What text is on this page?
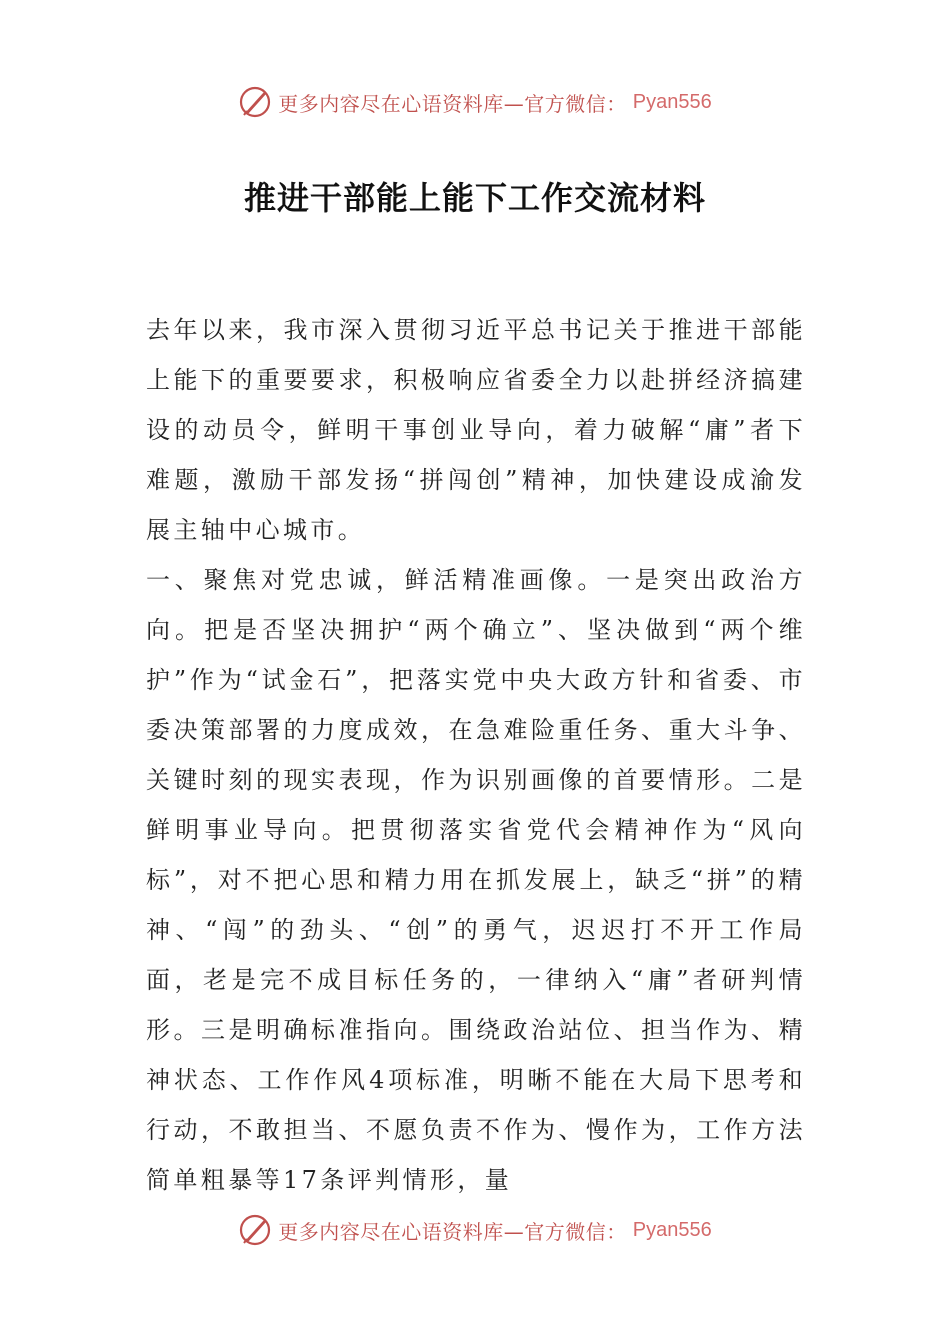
更多内容尽在心语资料库—官方微信： Pyan556
推进干部能上能下工作交流材料

去年以来，我市深入贯彻习近平总书记关于推进干部能上能下的重要要求，积极响应省委全力以赴拼经济搞建设的动员令，鲜明干事创业导向，着力破解“庸”者下难题，激励干部发扬“拼闯创”精神，加快建设成渝发展主轴中心城市。

一、聚焦对党忠诚，鲜活精准画像。一是突出政治方向。把是否坚决拥护“两个确立”、坚决做到“两个维护”作为“试金石”，把落实党中央大政方针和省委、市委决策部署的力度成效，在急难险重任务、重大斗争、关键时刻的现实表现，作为识别画像的首要情形。二是鲜明事业导向。把贯彻落实省党代会精神作为“风向标”，对不把心思和精力用在抓发展上，缺乏“拼”的精神、“闯”的劲头、“创”的勇气，迟迟打不开工作局面，老是完不成目标任务的，一律纳入“庸”者研判情形。三是明确标准指向。围绕政治站位、担当作为、精神状态、工作作风4项标准，明晰不能在大局下思考和行动，不敢担当、不愿负责不作为、慢作为，工作方法简单粗暴等17条评判情形，量

更多内容尽在心语资料库—官方微信： Pyan556
